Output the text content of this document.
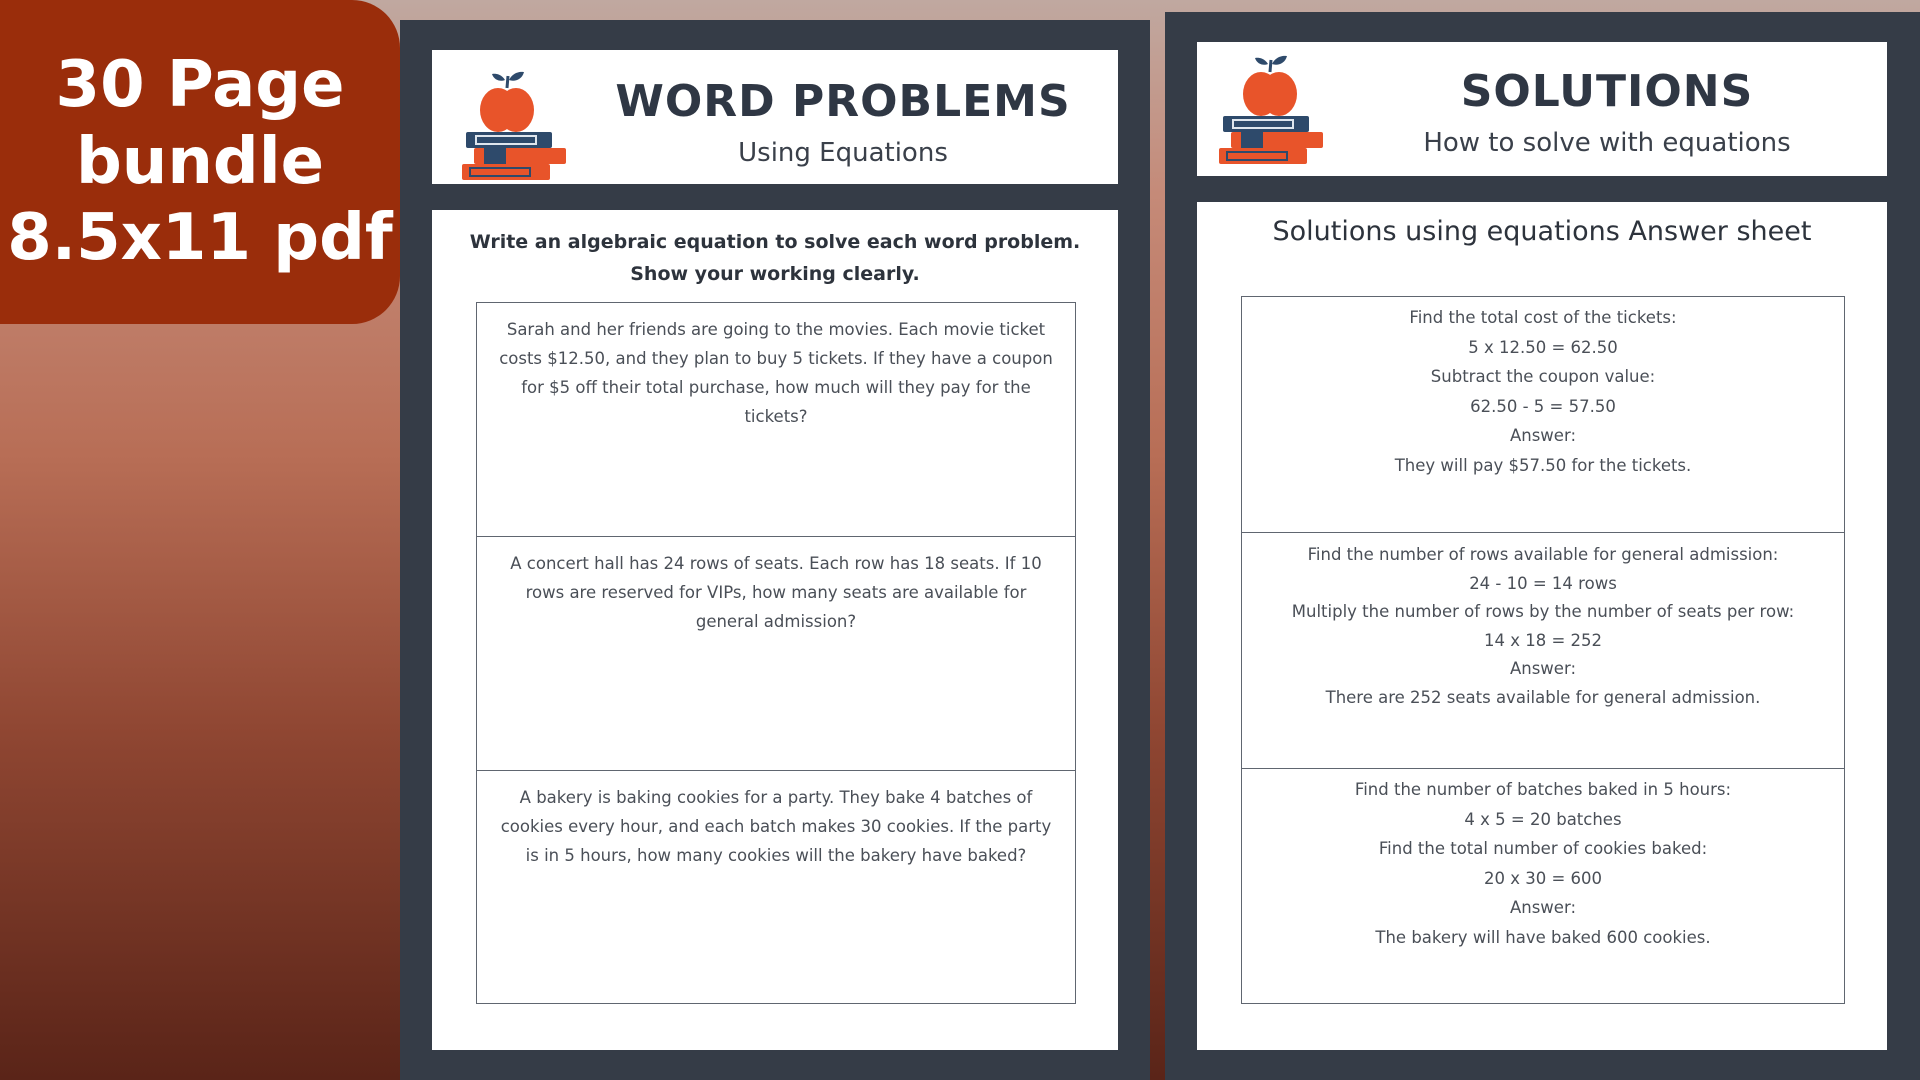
30 Page
bundle
8.5x11 pdf
WORD PROBLEMS
Using Equations
Write an algebraic equation to solve each word problem.
Show your working clearly.
Sarah and her friends are going to the movies. Each movie ticket costs $12.50, and they plan to buy 5 tickets. If they have a coupon for $5 off their total purchase, how much will they pay for the tickets?
A concert hall has 24 rows of seats. Each row has 18 seats. If 10 rows are reserved for VIPs, how many seats are available for general admission?
A bakery is baking cookies for a party. They bake 4 batches of cookies every hour, and each batch makes 30 cookies. If the party is in 5 hours, how many cookies will the bakery have baked?
SOLUTIONS
How to solve with equations
Solutions using equations Answer sheet

Find the total cost of the tickets:

5 x 12.50 = 62.50

Subtract the coupon value:

62.50 - 5 = 57.50

Answer:

They will pay $57.50 for the tickets.

Find the number of rows available for general admission:

24 - 10 = 14 rows

Multiply the number of rows by the number of seats per row:

14 x 18 = 252

Answer:

There are 252 seats available for general admission.

Find the number of batches baked in 5 hours:

4 x 5 = 20 batches

Find the total number of cookies baked:

20 x 30 = 600

Answer:

The bakery will have baked 600 cookies.
